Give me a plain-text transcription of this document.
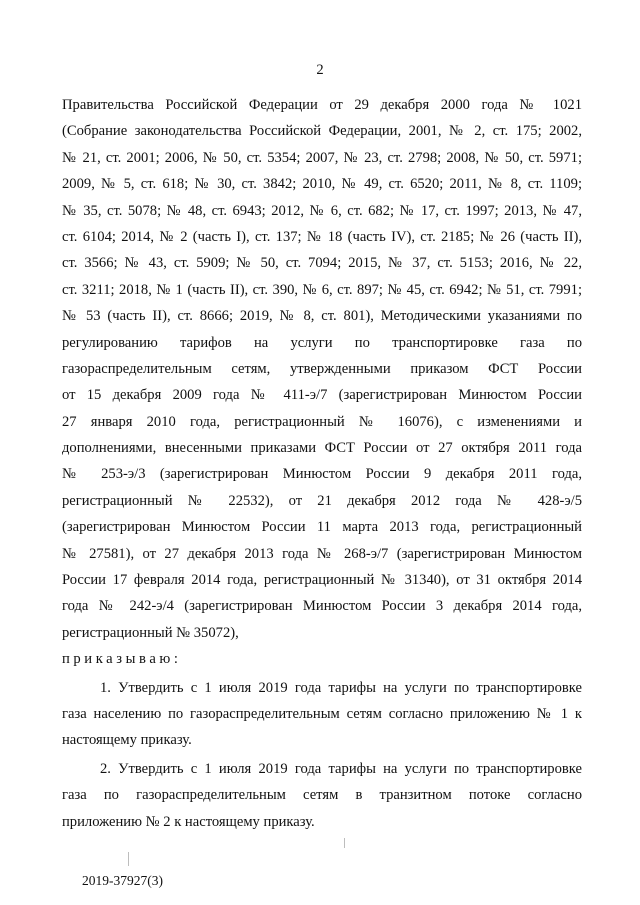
2
Правительства Российской Федерации от 29 декабря 2000 года № 1021
(Собрание законодательства Российской Федерации, 2001, № 2, ст. 175; 2002,
№ 21, ст. 2001; 2006, № 50, ст. 5354; 2007, № 23, ст. 2798; 2008, № 50, ст. 5971;
2009, № 5, ст. 618; № 30, ст. 3842; 2010, № 49, ст. 6520; 2011, № 8, ст. 1109;
№ 35, ст. 5078; № 48, ст. 6943; 2012, № 6, ст. 682; № 17, ст. 1997; 2013, № 47,
ст. 6104; 2014, № 2 (часть I), ст. 137; № 18 (часть IV), ст. 2185; № 26 (часть II),
ст. 3566; № 43, ст. 5909; № 50, ст. 7094; 2015, № 37, ст. 5153; 2016, № 22,
ст. 3211; 2018, № 1 (часть II), ст. 390, № 6, ст. 897; № 45, ст. 6942; № 51, ст. 7991;
№ 53 (часть II), ст. 8666; 2019, № 8, ст. 801), Методическими указаниями по
регулированию тарифов на услуги по транспортировке газа по
газораспределительным сетям, утвержденными приказом ФСТ России
от 15 декабря 2009 года № 411-э/7 (зарегистрирован Минюстом России
27 января 2010 года, регистрационный № 16076), с изменениями и
дополнениями, внесенными приказами ФСТ России от 27 октября 2011 года
№ 253-э/3 (зарегистрирован Минюстом России 9 декабря 2011 года,
регистрационный № 22532), от 21 декабря 2012 года № 428-э/5
(зарегистрирован Минюстом России 11 марта 2013 года, регистрационный
№ 27581), от 27 декабря 2013 года № 268-э/7 (зарегистрирован Минюстом
России 17 февраля 2014 года, регистрационный № 31340), от 31 октября 2014
года № 242-э/4 (зарегистрирован Минюстом России 3 декабря 2014 года,
регистрационный № 35072),
приказываю:
1. Утвердить с 1 июля 2019 года тарифы на услуги по транспортировке
газа населению по газораспределительным сетям согласно приложению № 1 к
настоящему приказу.
2. Утвердить с 1 июля 2019 года тарифы на услуги по транспортировке
газа по газораспределительным сетям в транзитном потоке согласно
приложению № 2 к настоящему приказу.
2019-37927(3)
